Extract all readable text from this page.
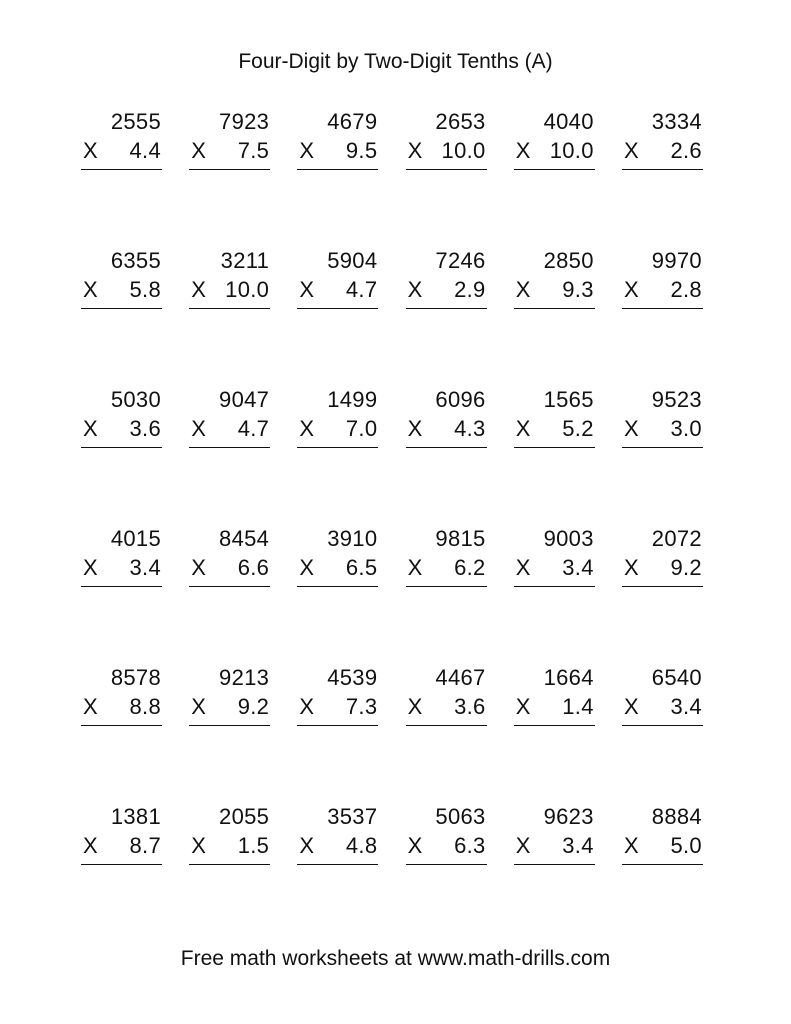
Four-Digit by Two-Digit Tenths (A)
2555
X 4.4
7923
X 7.5
4679
X 9.5
2653
X 10.0
4040
X 10.0
3334
X 2.6
6355
X 5.8
3211
X 10.0
5904
X 4.7
7246
X 2.9
2850
X 9.3
9970
X 2.8
5030
X 3.6
9047
X 4.7
1499
X 7.0
6096
X 4.3
1565
X 5.2
9523
X 3.0
4015
X 3.4
8454
X 6.6
3910
X 6.5
9815
X 6.2
9003
X 3.4
2072
X 9.2
8578
X 8.8
9213
X 9.2
4539
X 7.3
4467
X 3.6
1664
X 1.4
6540
X 3.4
1381
X 8.7
2055
X 1.5
3537
X 4.8
5063
X 6.3
9623
X 3.4
8884
X 5.0
Free math worksheets at www.math-drills.com
